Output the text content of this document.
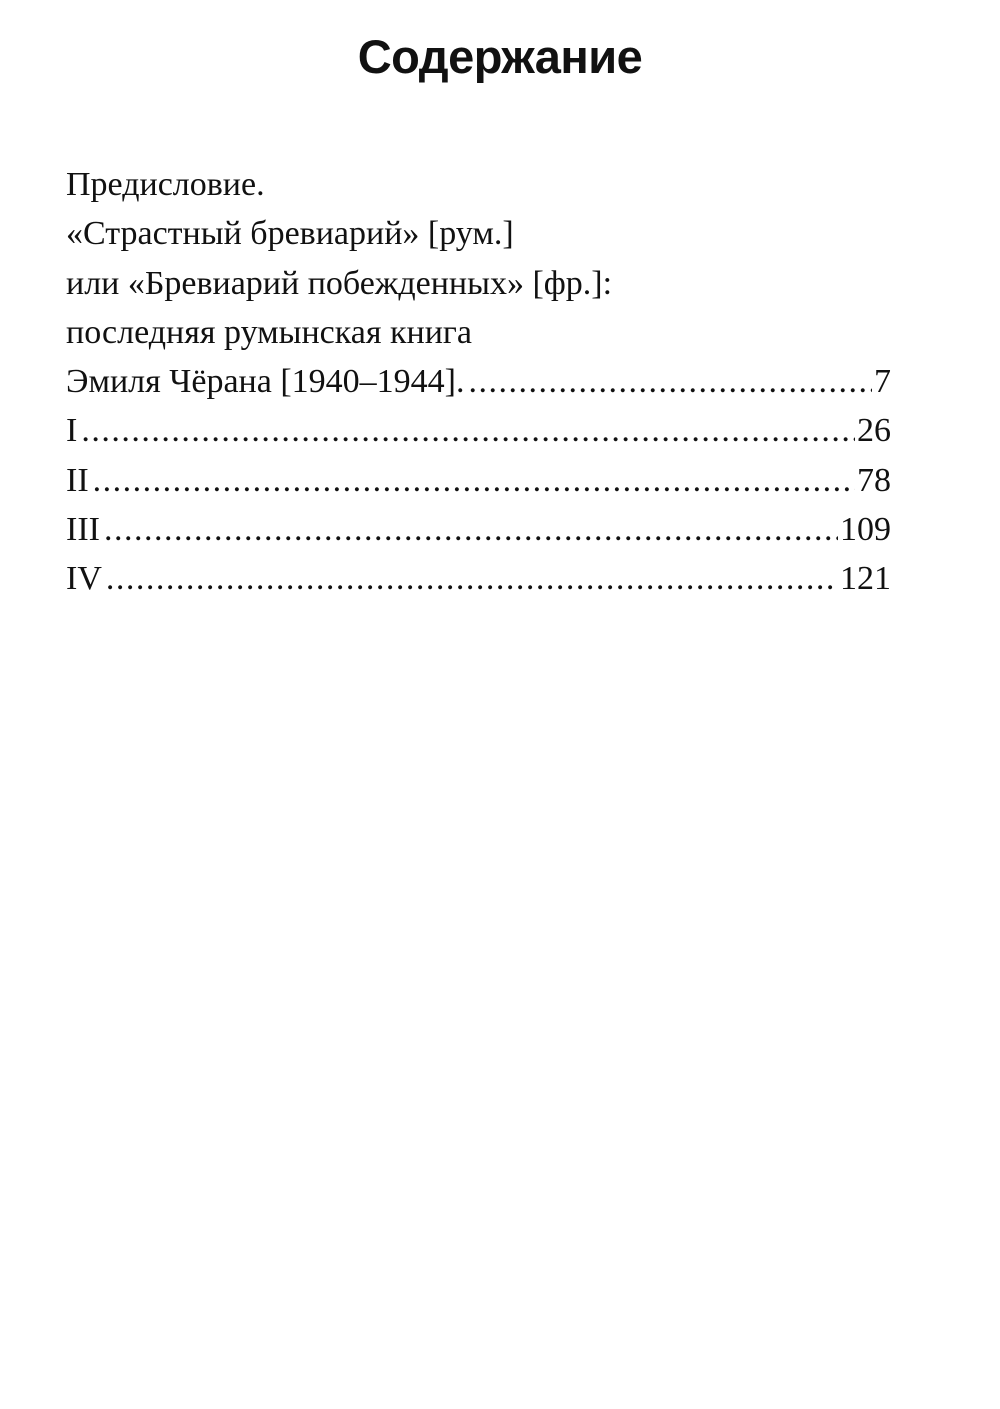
Содержание
Предисловие.
«Страстный бревиарий» [рум.]
или «Бревиарий побежденных» [фр.]:
последняя румынская книга
Эмиля Чёрана [1940–1944]. .....	7
I .....	26
II .....	78
III .....	109
IV .....	121
